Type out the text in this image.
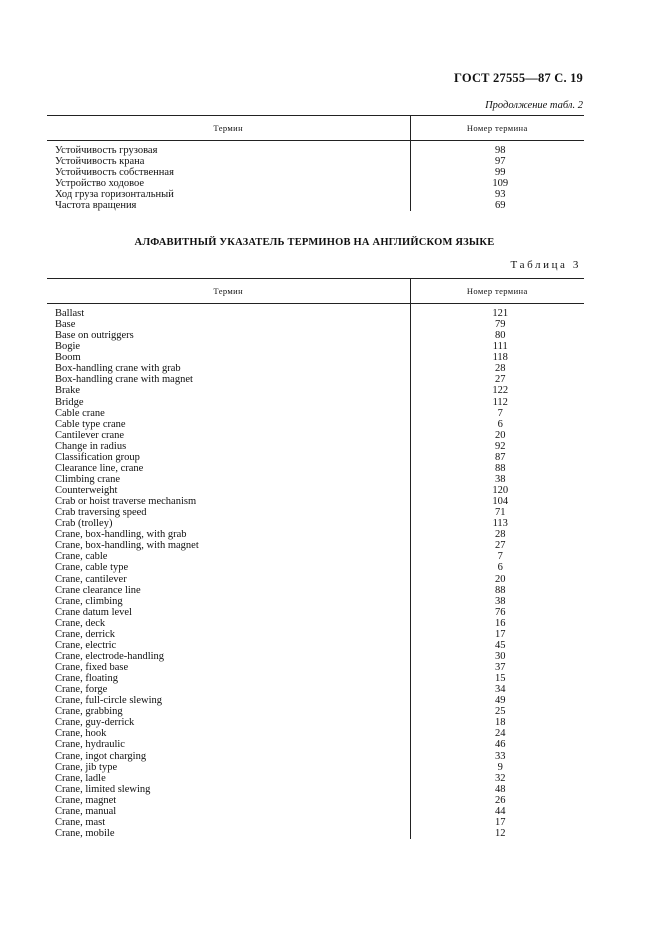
ГОСТ 27555—87 С. 19
Продолжение табл. 2
Термин	Номер термина
Устойчивость грузовая	98
Устойчивость крана	97
Устойчивость собственная	99
Устройство ходовое	109
Ход груза горизонтальный	93
Частота вращения	69
АЛФАВИТНЫЙ УКАЗАТЕЛЬ ТЕРМИНОВ НА АНГЛИЙСКОМ ЯЗЫКЕ
Таблица 3
Термин	Номер термина
Ballast	121
Base	79
Base on outriggers	80
Bogie	111
Boom	118
Box-handling crane with grab	28
Box-handling crane with magnet	27
Brake	122
Bridge	112
Cable crane	7
Cable type crane	6
Cantilever crane	20
Change in radius	92
Classification group	87
Clearance line, crane	88
Climbing crane	38
Counterweight	120
Crab or hoist traverse mechanism	104
Crab traversing speed	71
Crab (trolley)	113
Crane, box-handling, with grab	28
Crane, box-handling, with magnet	27
Crane, cable	7
Crane, cable type	6
Crane, cantilever	20
Crane clearance line	88
Crane, climbing	38
Crane datum level	76
Crane, deck	16
Crane, derrick	17
Crane, electric	45
Crane, electrode-handling	30
Crane, fixed base	37
Crane, floating	15
Crane, forge	34
Crane, full-circle slewing	49
Crane, grabbing	25
Crane, guy-derrick	18
Crane, hook	24
Crane, hydraulic	46
Crane, ingot charging	33
Crane, jib type	9
Crane, ladle	32
Crane, limited slewing	48
Crane, magnet	26
Crane, manual	44
Crane, mast	17
Crane, mobile	12
